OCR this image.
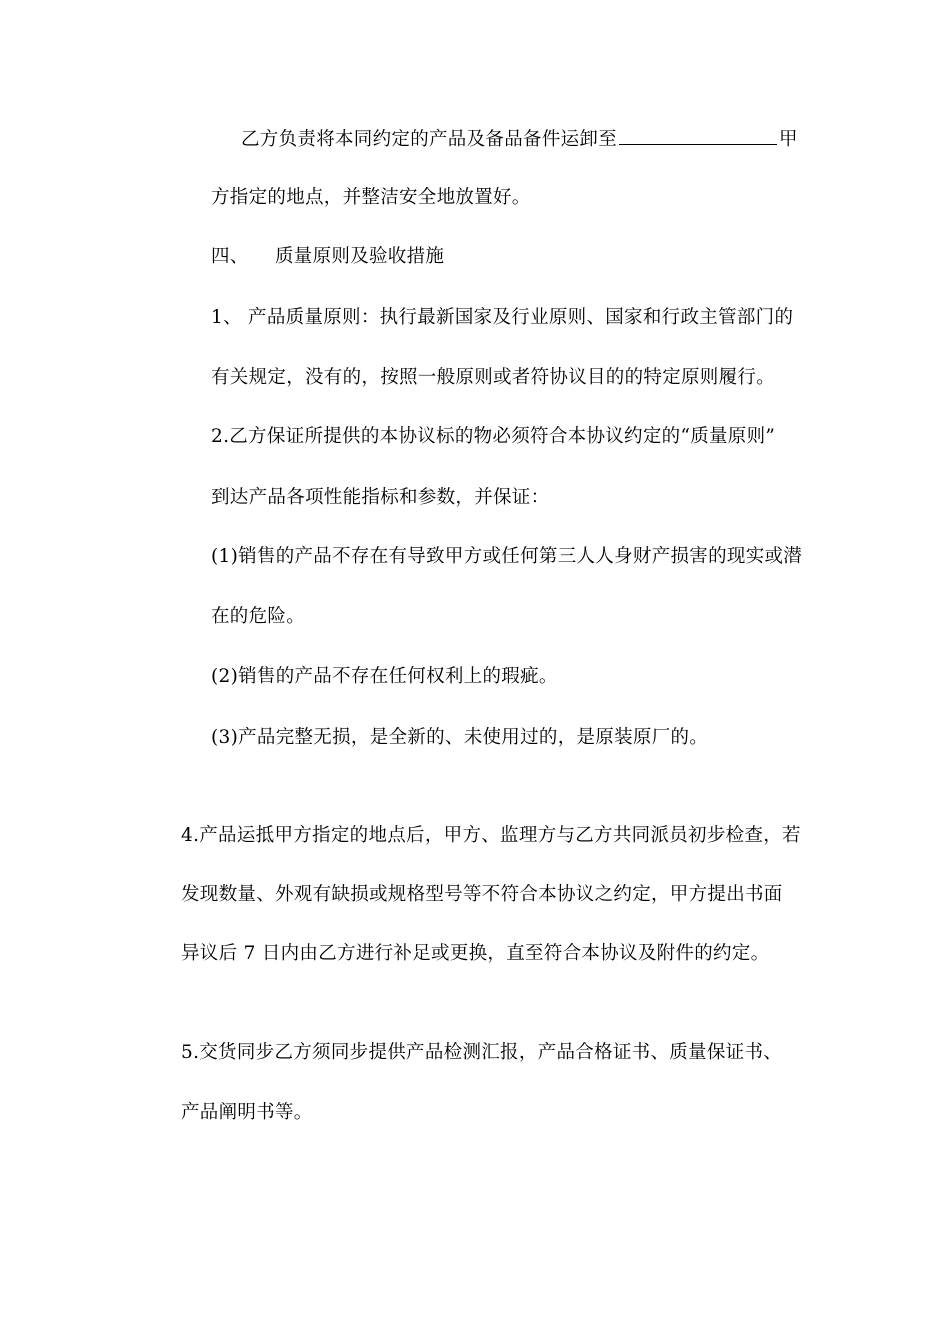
乙方负责将本同约定的产品及备品备件运卸至	甲
方指定的地点，并整洁安全地放置好。
四、 质量原则及验收措施
1、 产品质量原则：执行最新国家及行业原则、国家和行政主管部门的
有关规定，没有的，按照一般原则或者符协议目的的特定原则履行。
2.乙方保证所提供的本协议标的物必须符合本协议约定的“质量原则”
到达产品各项性能指标和参数，并保证：
(1)销售的产品不存在有导致甲方或任何第三人人身财产损害的现实或潜
在的危险。
(2)销售的产品不存在任何权利上的瑕疵。
(3)产品完整无损，是全新的、未使用过的，是原装原厂的。
4.产品运抵甲方指定的地点后，甲方、监理方与乙方共同派员初步检查，若
发现数量、外观有缺损或规格型号等不符合本协议之约定，甲方提出书面
异议后 7 日内由乙方进行补足或更换，直至符合本协议及附件的约定。
5.交货同步乙方须同步提供产品检测汇报，产品合格证书、质量保证书、
产品阐明书等。
